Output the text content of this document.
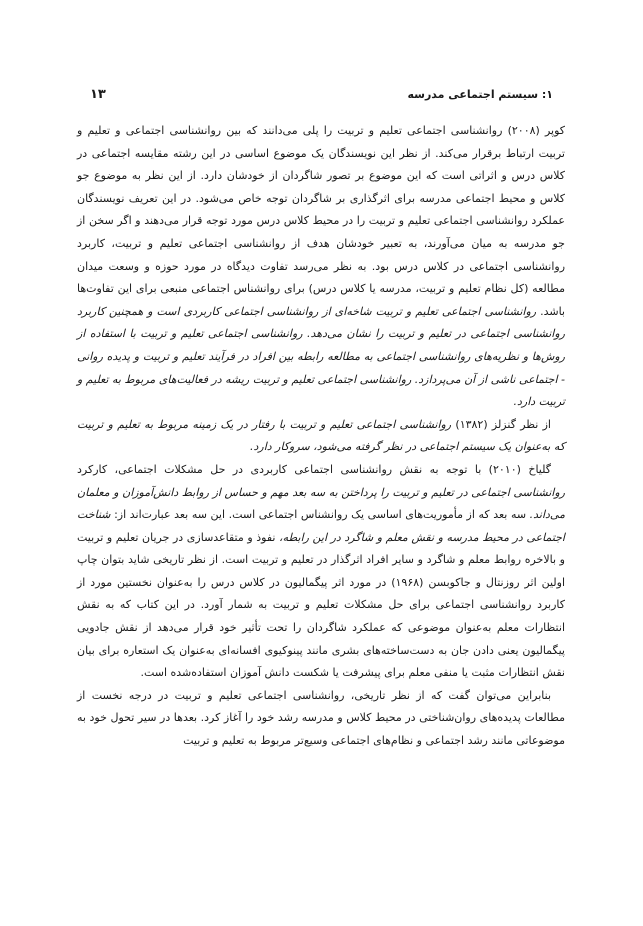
۱: سیستم اجتماعی مدرسه
۱۳

کوپر (۲۰۰۸) روانشناسی اجتماعی تعلیم و تربیت را پلی می‌دانند که بین روانشناسی اجتماعی و تعلیم و تربیت ارتباط برقرار می‌کند. از نظر این نویسندگان یک موضوع اساسی در این رشته مقایسه اجتماعی در کلاس درس و اثراتی است که این موضوع بر تصور شاگردان از خودشان دارد. از این نظر به موضوع جو کلاس و محیط اجتماعی مدرسه برای اثرگذاری بر شاگردان توجه خاص می‌شود. در این تعریف نویسندگان عملکرد روانشناسی اجتماعی تعلیم و تربیت را در محیط کلاس درس مورد توجه قرار می‌دهند و اگر سخن از جو مدرسه به میان می‌آورند، به تعبیر خودشان هدف از روانشناسی اجتماعی تعلیم و تربیت، کاربرد روانشناسی اجتماعی در کلاس درس بود. به نظر می‌رسد تفاوت دیدگاه در مورد حوزه و وسعت میدان مطالعه (کل نظام تعلیم و تربیت، مدرسه یا کلاس درس) برای روانشناس اجتماعی منبعی برای این تفاوت‌ها باشد. روانشناسی اجتماعی تعلیم و تربیت شاخه‌ای از روانشناسی اجتماعی کاربردی است و همچنین کاربرد روانشناسی اجتماعی در تعلیم و تربیت را نشان می‌دهد. روانشناسی اجتماعی تعلیم و تربیت با استفاده از روش‌ها و نظریه‌های روانشناسی اجتماعی به مطالعه رابطه بین افراد در فرآیند تعلیم و تربیت و پدیده روانی - اجتماعی ناشی از آن می‌پردازد. روانشناسی اجتماعی تعلیم و تربیت ریشه در فعالیت‌های مربوط به تعلیم و تربیت دارد.

از نظر گنزلز (۱۳۸۲) روانشناسی اجتماعی تعلیم و تربیت با رفتار در یک زمینه مربوط به تعلیم و تربیت که به‌عنوان یک سیستم اجتماعی در نظر گرفته می‌شود، سروکار دارد.

گلیاخ (۲۰۱۰) با توجه به نقش روانشناسی اجتماعی کاربردی در حل مشکلات اجتماعی، کارکرد روانشناسی اجتماعی در تعلیم و تربیت را پرداختن به سه بعد مهم و حساس از روابط دانش‌آموزان و معلمان می‌داند. سه بعد که از مأموریت‌های اساسی یک روانشناس اجتماعی است. این سه بعد عبارت‌اند از: شناخت اجتماعی در محیط مدرسه و نقش معلم و شاگرد در این رابطه، نفوذ و متقاعدسازی در جریان تعلیم و تربیت و بالاخره روابط معلم و شاگرد و سایر افراد اثرگذار در تعلیم و تربیت است. از نظر تاریخی شاید بتوان چاپ اولین اثر روزنتال و جاکوبسن (۱۹۶۸) در مورد اثر پیگمالیون در کلاس درس را به‌عنوان نخستین مورد از کاربرد روانشناسی اجتماعی برای حل مشکلات تعلیم و تربیت به شمار آورد. در این کتاب که به نقش انتظارات معلم به‌عنوان موضوعی که عملکرد شاگردان را تحت تأثیر خود قرار می‌دهد از نقش جادویی پیگمالیون یعنی دادن جان به دست‌ساخته‌های بشری مانند پینوکیوی افسانه‌ای به‌عنوان یک استعاره برای بیان نقش انتظارات مثبت یا منفی معلم برای پیشرفت یا شکست دانش آموزان استفاده‌شده است.

بنابراین می‌توان گفت که از نظر تاریخی، روانشناسی اجتماعی تعلیم و تربیت در درجه نخست از مطالعات پدیده‌های روان‌شناختی در محیط کلاس و مدرسه رشد خود را آغاز کرد. بعدها در سیر تحول خود به موضوعاتی مانند رشد اجتماعی و نظام‌های اجتماعی وسیع‌تر مربوط به تعلیم و تربیت
